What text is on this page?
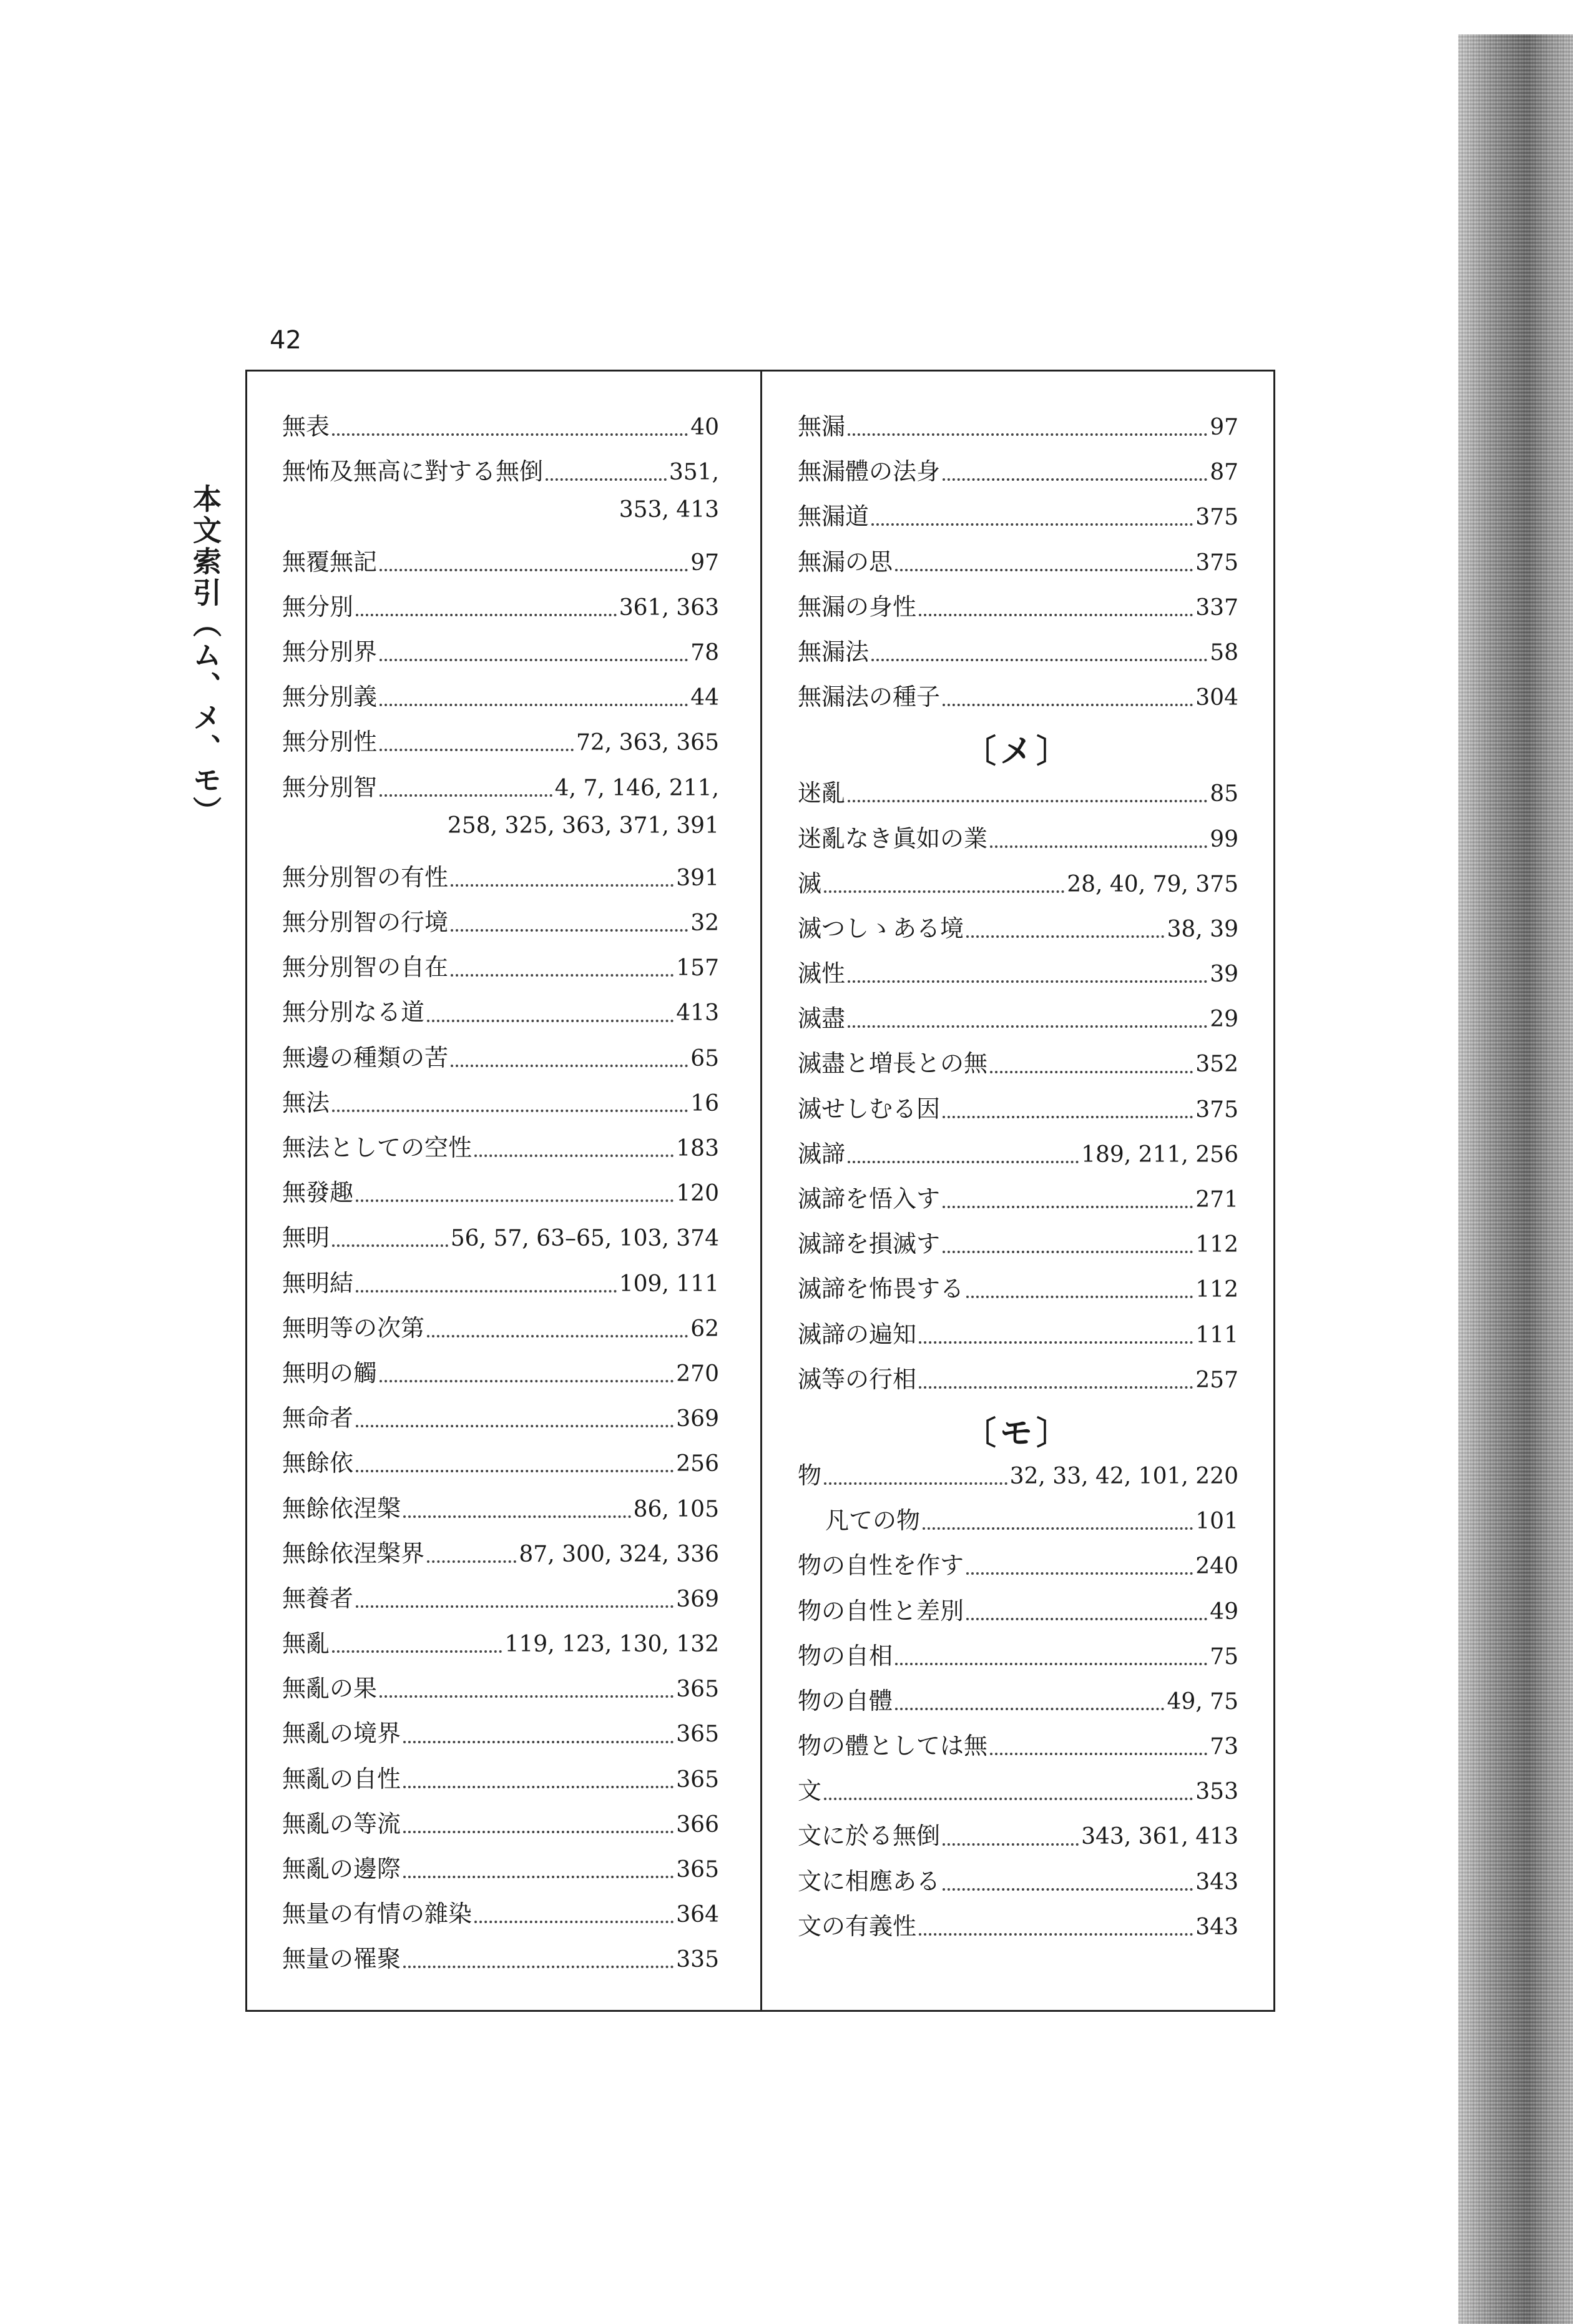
42
本文索引（ム、メ、モ）
無表	40
無怖及無高に對する無倒	351,
353, 413
無覆無記	97
無分別	361, 363
無分別界	78
無分別義	44
無分別性	72, 363, 365
無分別智	4, 7, 146, 211,
258, 325, 363, 371, 391
無分別智の有性	391
無分別智の行境	32
無分別智の自在	157
無分別なる道	413
無邊の種類の苦	65
無法	16
無法としての空性	183
無發趣	120
無明	56, 57, 63–65, 103, 374
無明結	109, 111
無明等の次第	62
無明の觸	270
無命者	369
無餘依	256
無餘依涅槃	86, 105
無餘依涅槃界	87, 300, 324, 336
無養者	369
無亂	119, 123, 130, 132
無亂の果	365
無亂の境界	365
無亂の自性	365
無亂の等流	366
無亂の邊際	365
無量の有情の雜染	364
無量の罹聚	335
無漏	97
無漏體の法身	87
無漏道	375
無漏の思	375
無漏の身性	337
無漏法	58
無漏法の種子	304
〔メ〕
迷亂	85
迷亂なき眞如の業	99
滅	28, 40, 79, 375
滅つしゝある境	38, 39
滅性	39
滅盡	29
滅盡と増長との無	352
滅せしむる因	375
滅諦	189, 211, 256
滅諦を悟入す	271
滅諦を損滅す	112
滅諦を怖畏する	112
滅諦の遍知	111
滅等の行相	257
〔モ〕
物	32, 33, 42, 101, 220
凡ての物	101
物の自性を作す	240
物の自性と差別	49
物の自相	75
物の自體	49, 75
物の體としては無	73
文	353
文に於る無倒	343, 361, 413
文に相應ある	343
文の有義性	343
